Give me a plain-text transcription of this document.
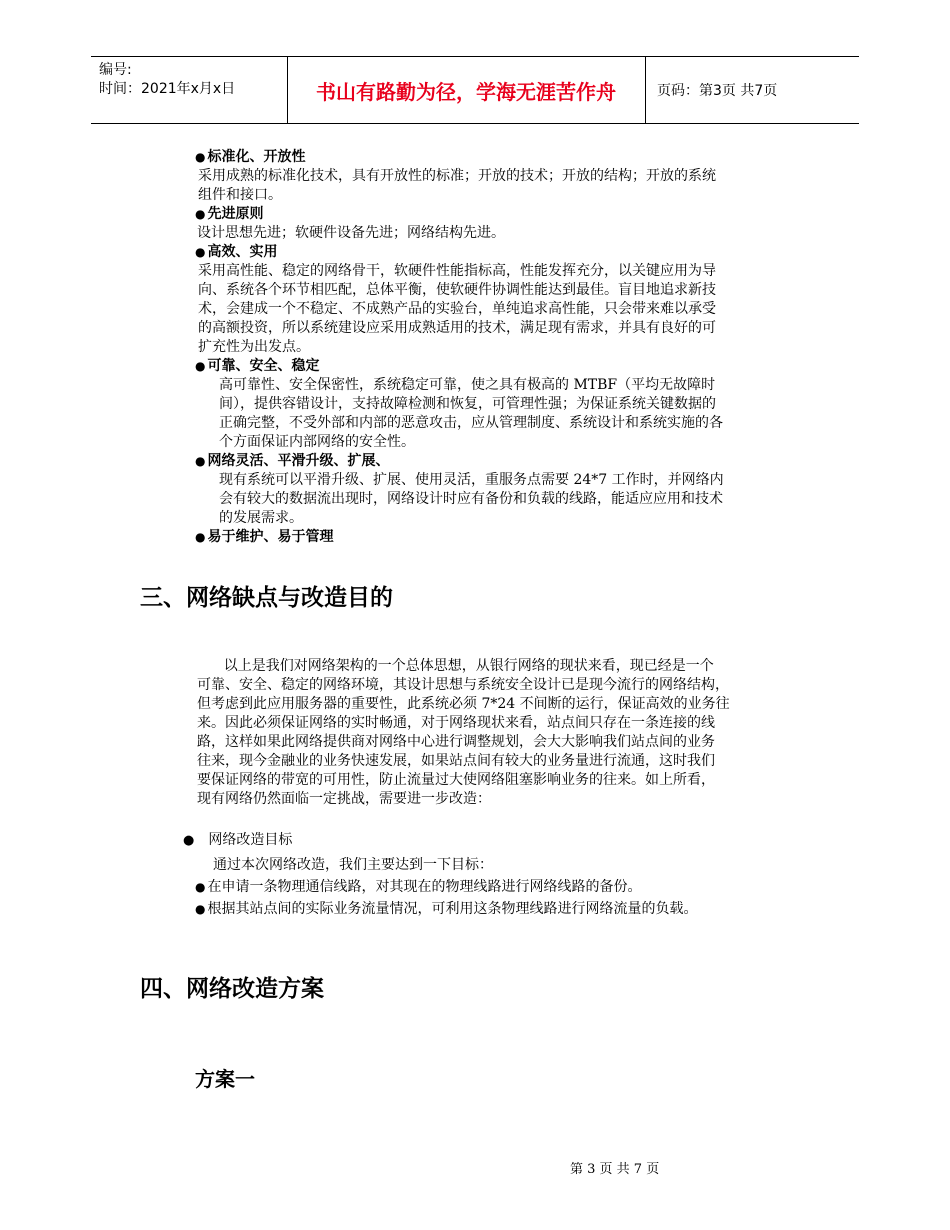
编号:
时间：2021年x月x日	书山有路勤为径，学海无涯苦作舟	页码：第3页 共7页
● 标准化、开放性
采用成熟的标准化技术，具有开放性的标准；开放的技术；开放的结构；开放的系统
组件和接口。
● 先进原则
设计思想先进；软硬件设备先进；网络结构先进。
● 高效、实用
采用高性能、稳定的网络骨干，软硬件性能指标高，性能发挥充分，以关键应用为导
向、系统各个环节相匹配，总体平衡，使软硬件协调性能达到最佳。盲目地追求新技
术，会建成一个不稳定、不成熟产品的实验台，单纯追求高性能，只会带来难以承受
的高额投资，所以系统建设应采用成熟适用的技术，满足现有需求，并具有良好的可
扩充性为出发点。
● 可靠、安全、稳定
高可靠性、安全保密性，系统稳定可靠，使之具有极高的 MTBF（平均无故障时
间），提供容错设计，支持故障检测和恢复，可管理性强；为保证系统关键数据的
正确完整，不受外部和内部的恶意攻击，应从管理制度、系统设计和系统实施的各
个方面保证内部网络的安全性。
● 网络灵活、平滑升级、扩展、
现有系统可以平滑升级、扩展、使用灵活，重服务点需要 24*7 工作时，并网络内
会有较大的数据流出现时，网络设计时应有备份和负载的线路，能适应应用和技术
的发展需求。
● 易于维护、易于管理
三、网络缺点与改造目的
以上是我们对网络架构的一个总体思想，从银行网络的现状来看，现已经是一个
可靠、安全、稳定的网络环境，其设计思想与系统安全设计已是现今流行的网络结构，
但考虑到此应用服务器的重要性，此系统必须 7*24 不间断的运行，保证高效的业务往
来。因此必须保证网络的实时畅通，对于网络现状来看，站点间只存在一条连接的线
路，这样如果此网络提供商对网络中心进行调整规划，会大大影响我们站点间的业务
往来，现今金融业的业务快速发展，如果站点间有较大的业务量进行流通，这时我们
要保证网络的带宽的可用性，防止流量过大使网络阻塞影响业务的往来。如上所看，
现有网络仍然面临一定挑战，需要进一步改造：
● 网络改造目标
通过本次网络改造，我们主要达到一下目标：
● 在申请一条物理通信线路，对其现在的物理线路进行网络线路的备份。
● 根据其站点间的实际业务流量情况，可利用这条物理线路进行网络流量的负载。
四、网络改造方案
方案一
第 3 页 共 7 页
